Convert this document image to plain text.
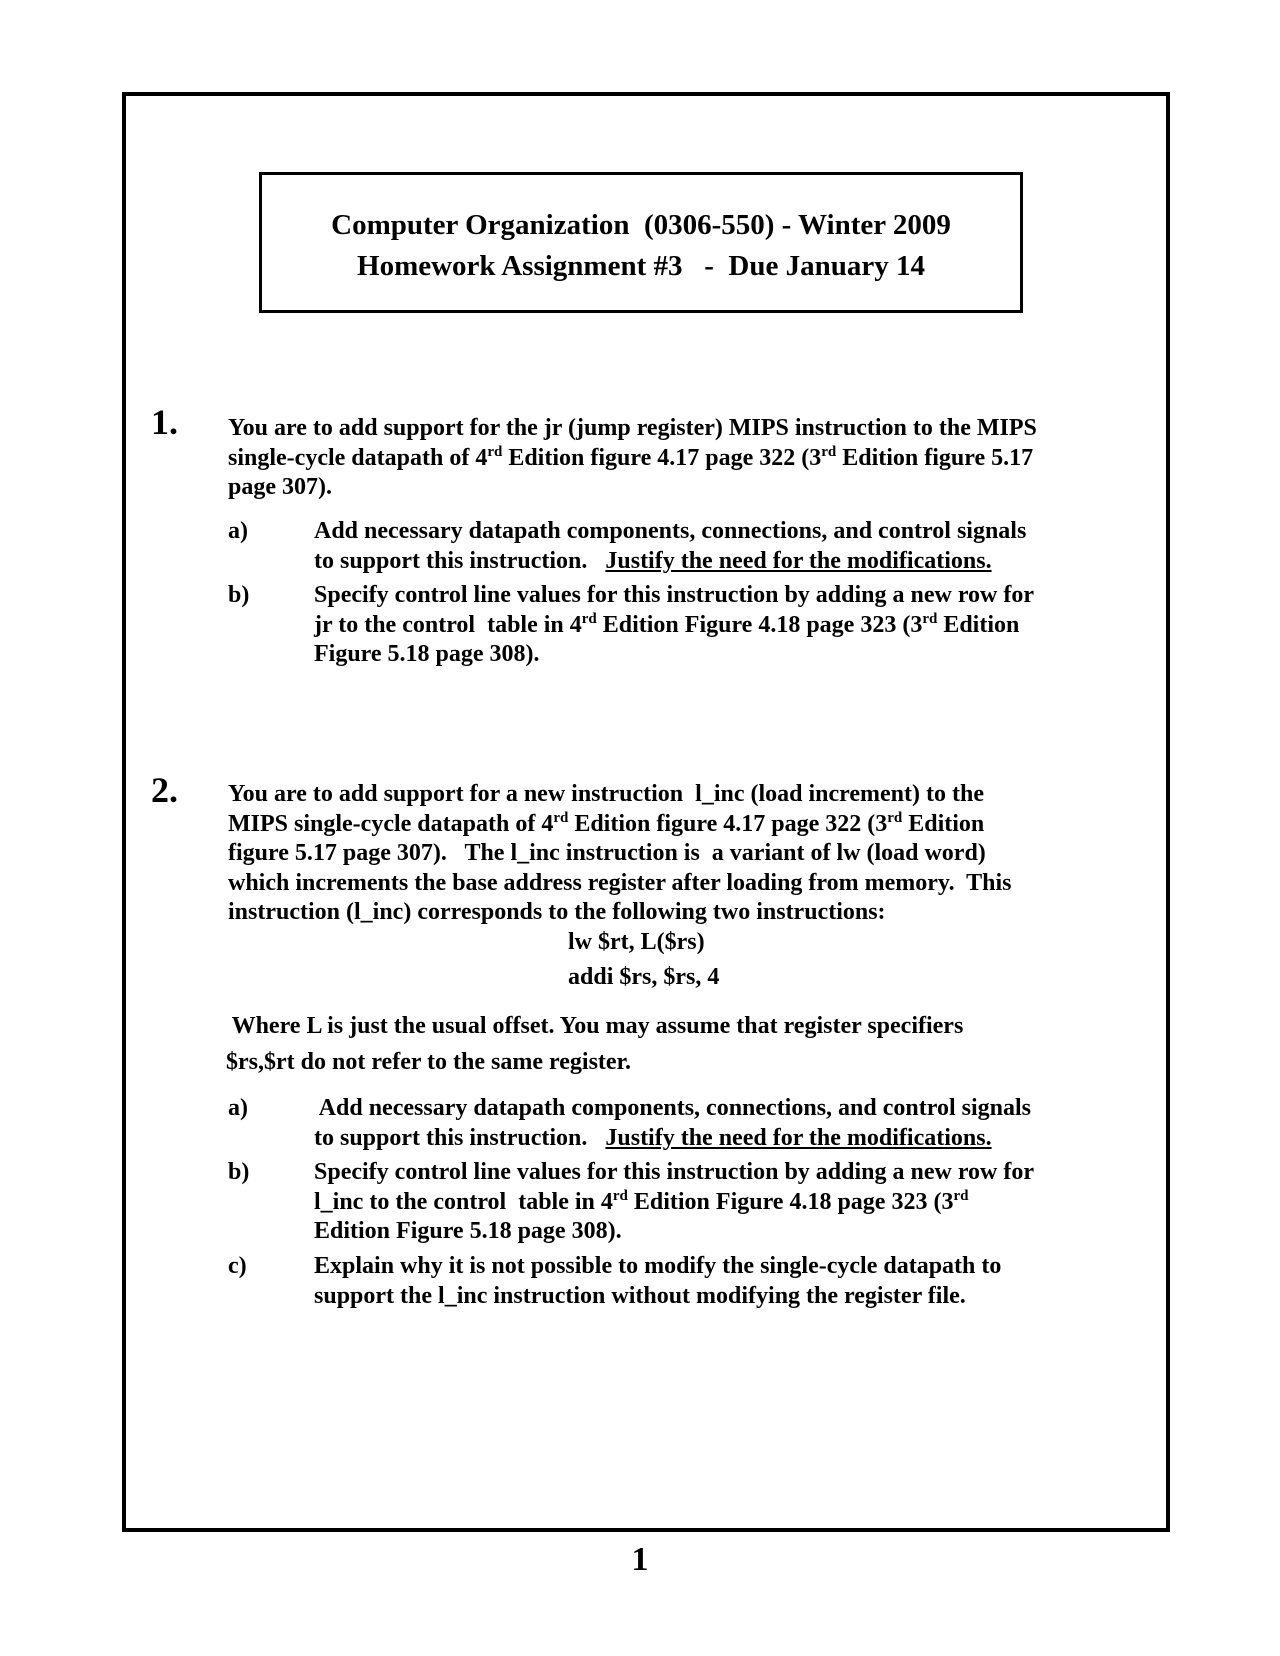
Computer Organization  (0306-550) - Winter 2009
Homework Assignment #3   -  Due January 14
1. You are to add support for the jr (jump register) MIPS instruction to the MIPS
single-cycle datapath of 4rd Edition figure 4.17 page 322 (3rd Edition figure 5.17
page 307).
a)	Add necessary datapath components, connections, and control signals
to support this instruction.   Justify the need for the modifications.
b)	Specify control line values for this instruction by adding a new row for
jr to the control  table in 4rd Edition Figure 4.18 page 323 (3rd Edition
Figure 5.18 page 308).
2. You are to add support for a new instruction  l_inc (load increment) to the
MIPS single-cycle datapath of 4rd Edition figure 4.17 page 322 (3rd Edition
figure 5.17 page 307).   The l_inc instruction is  a variant of lw (load word)
which increments the base address register after loading from memory.  This
instruction (l_inc) corresponds to the following two instructions:
lw $rt, L($rs)
addi $rs, $rs, 4
Where L is just the usual offset. You may assume that register specifiers
$rs,$rt do not refer to the same register.
a)	Add necessary datapath components, connections, and control signals
to support this instruction.   Justify the need for the modifications.
b)	Specify control line values for this instruction by adding a new row for
l_inc to the control  table in 4rd Edition Figure 4.18 page 323 (3rd
Edition Figure 5.18 page 308).
c)	Explain why it is not possible to modify the single-cycle datapath to
support the l_inc instruction without modifying the register file.
1
